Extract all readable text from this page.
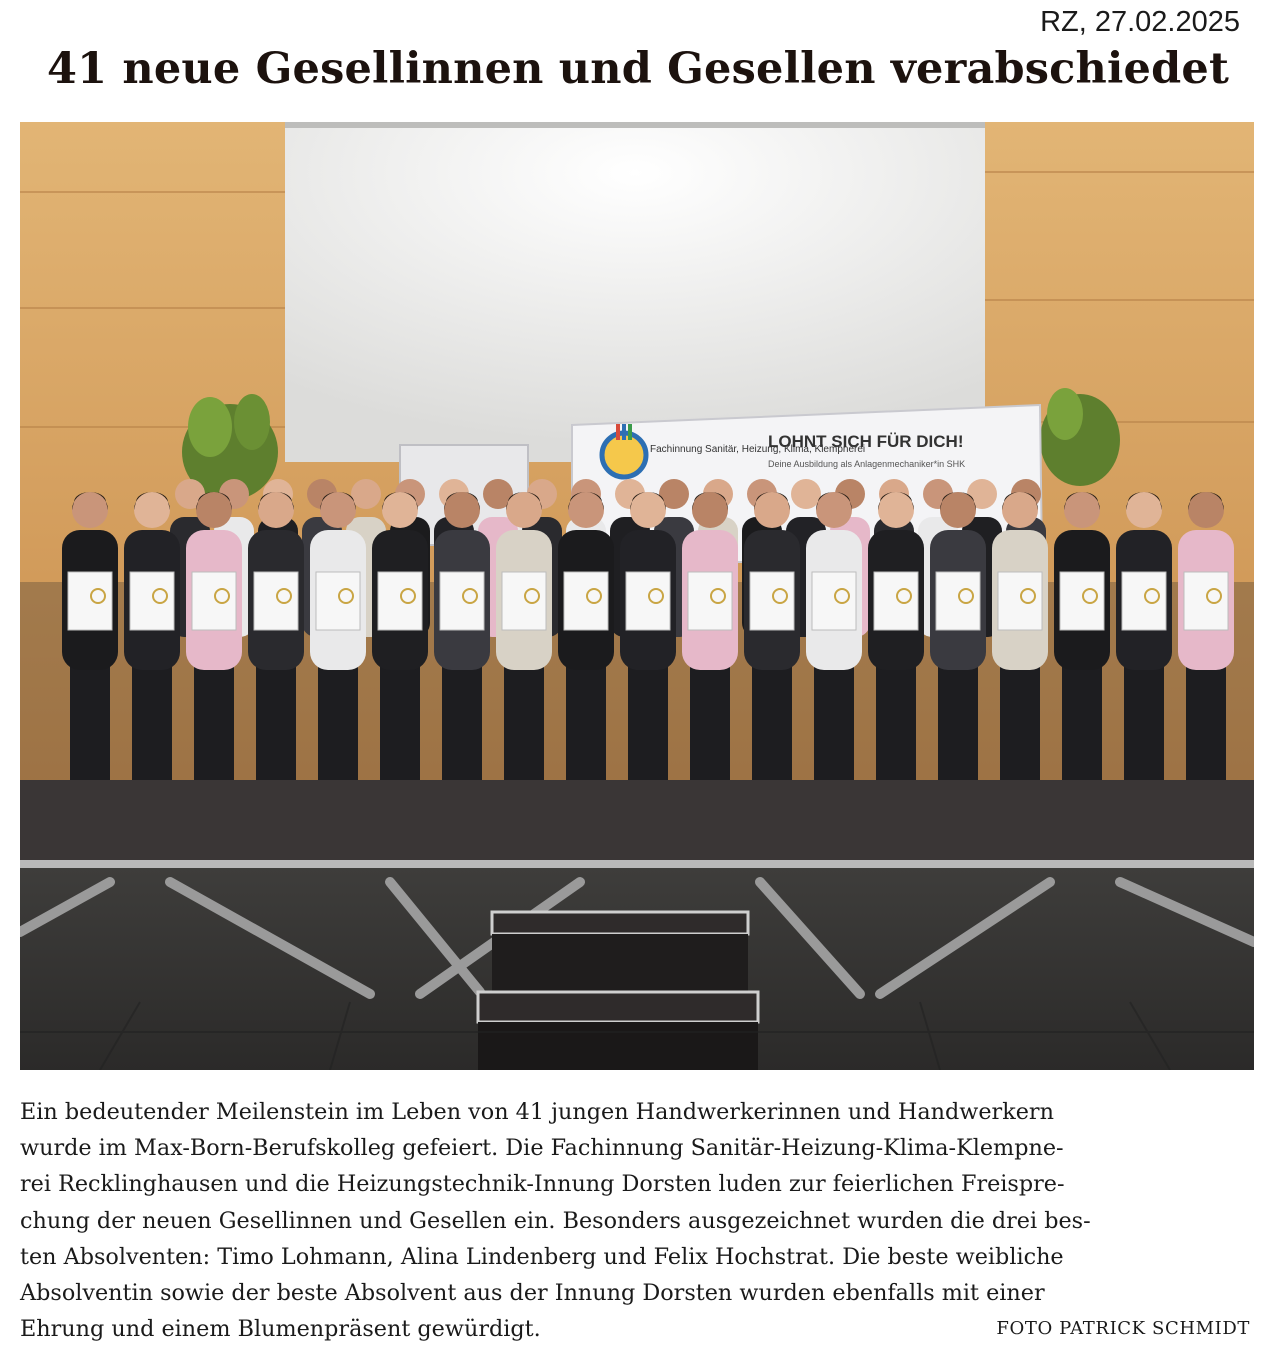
RZ, 27.02.2025
41 neue Gesellinnen und Gesellen verabschiedet
Fachinnung Sanitär, Heizung, Klima, Klempnerei
LOHNT SICH FÜR DICH!
Deine Ausbildung als Anlagenmechaniker*in SHK

Ein bedeutender Meilenstein im Leben von 41 jungen Handwerkerinnen und Handwerkern
wurde im Max-Born-Berufskolleg gefeiert. Die Fachinnung Sanitär-Heizung-Klima-Klempne-
rei Recklinghausen und die Heizungstechnik-Innung Dorsten luden zur feierlichen Freispre-
chung der neuen Gesellinnen und Gesellen ein. Besonders ausgezeichnet wurden die drei bes-
ten Absolventen: Timo Lohmann, Alina Lindenberg und Felix Hochstrat. Die beste weibliche
Absolventin sowie der beste Absolvent aus der Innung Dorsten wurden ebenfalls mit einer
Ehrung und einem Blumenpräsent gewürdigt.	FOTO PATRICK SCHMIDT
